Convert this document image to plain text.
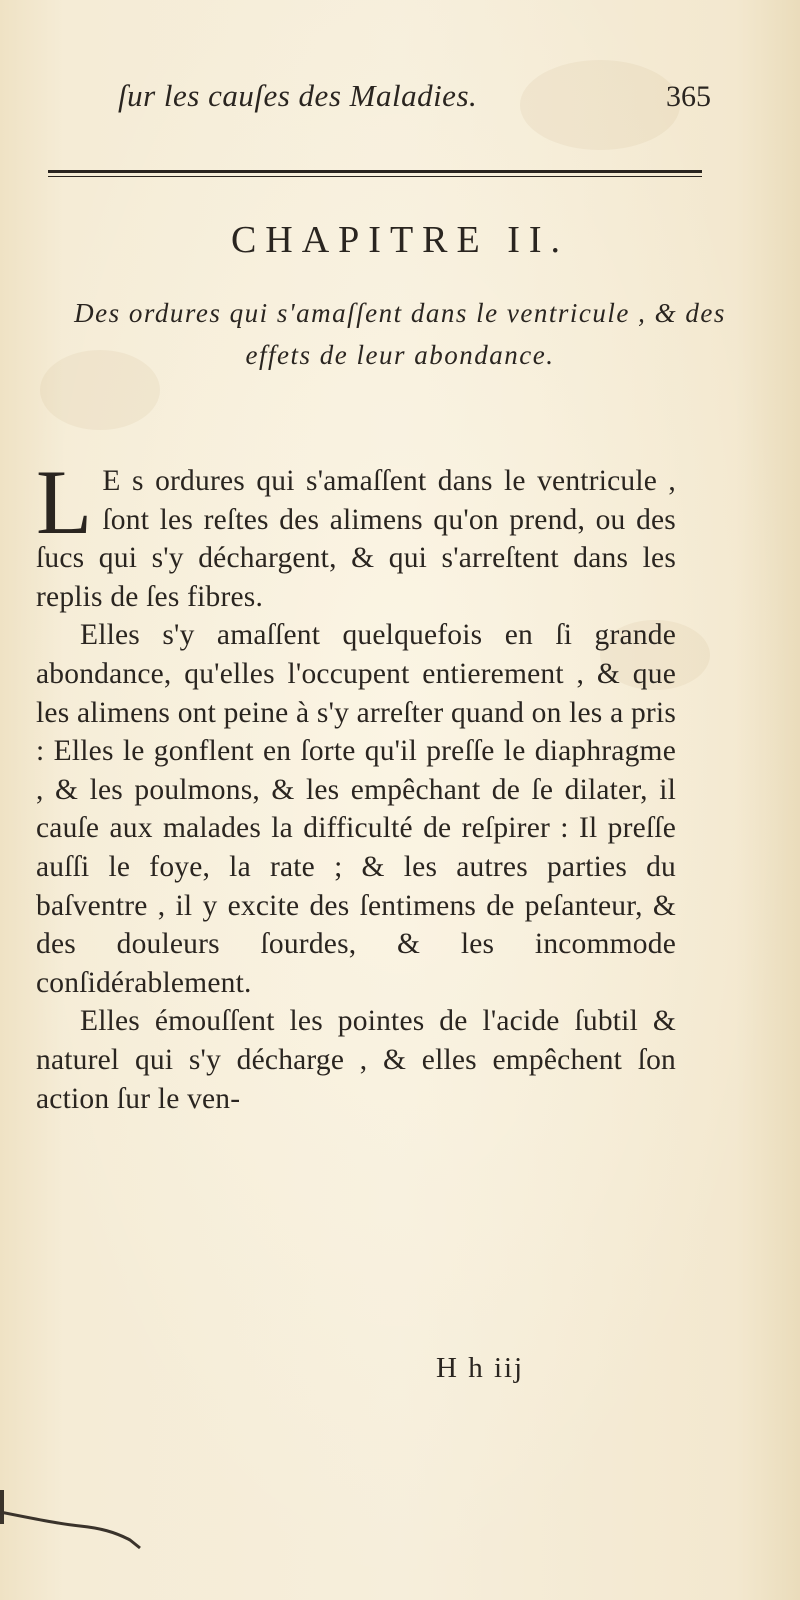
ſur les cauſes des Maladies.	365
CHAPITRE II.
Des ordures qui s'amaſſent dans le ventricule , & des effets de leur abondance.

L E s ordures qui s'amaſſent dans le ventricule , ſont les reſtes des alimens qu'on prend, ou des ſucs qui s'y déchargent, & qui s'arreſtent dans les replis de ſes fibres.

Elles s'y amaſſent quelquefois en ſi grande abondance, qu'elles l'occupent entierement , & que les alimens ont peine à s'y arreſter quand on les a pris : Elles le gonflent en ſorte qu'il preſſe le diaphragme , & les poulmons, & les empêchant de ſe dilater, il cauſe aux malades la difficulté de reſpirer : Il preſſe auſſi le foye, la rate ; & les autres parties du baſventre , il y excite des ſentimens de peſanteur, & des douleurs ſourdes, & les incommode conſidérablement.

Elles émouſſent les pointes de l'acide ſubtil & naturel qui s'y décharge , & elles empêchent ſon action ſur le ven-

H h iij
